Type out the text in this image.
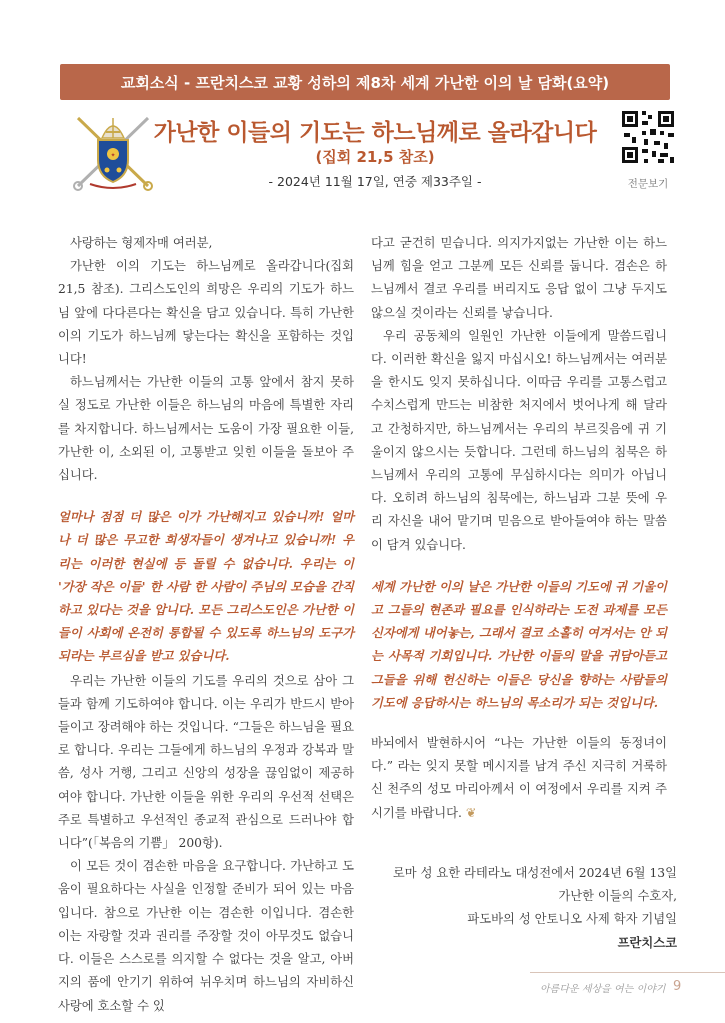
교회소식 - 프란치스코 교황 성하의 제8차 세계 가난한 이의 날 담화(요약)
✦
가난한 이들의 기도는 하느님께로 올라갑니다
(집회 21,5 참조)
- 2024년 11월 17일, 연중 제33주일 -	전문보기

사랑하는 형제자매 여러분,

가난한 이의 기도는 하느님께로 올라갑니다(집회 21,5 참조). 그리스도인의 희망은 우리의 기도가 하느님 앞에 다다른다는 확신을 담고 있습니다. 특히 가난한 이의 기도가 하느님께 닿는다는 확신을 포함하는 것입니다!

하느님께서는 가난한 이들의 고통 앞에서 참지 못하실 정도로 가난한 이들은 하느님의 마음에 특별한 자리를 차지합니다. 하느님께서는 도움이 가장 필요한 이들, 가난한 이, 소외된 이, 고통받고 잊힌 이들을 돌보아 주십니다.

얼마나 점점 더 많은 이가 가난해지고 있습니까! 얼마나 더 많은 무고한 희생자들이 생겨나고 있습니까! 우리는 이러한 현실에 등 돌릴 수 없습니다. 우리는 이 '가장 작은 이들' 한 사람 한 사람이 주님의 모습을 간직하고 있다는 것을 압니다. 모든 그리스도인은 가난한 이들이 사회에 온전히 통합될 수 있도록 하느님의 도구가 되라는 부르심을 받고 있습니다.

우리는 가난한 이들의 기도를 우리의 것으로 삼아 그들과 함께 기도하여야 합니다. 이는 우리가 반드시 받아들이고 장려해야 하는 것입니다. “그들은 하느님을 필요로 합니다. 우리는 그들에게 하느님의 우정과 강복과 말씀, 성사 거행, 그리고 신앙의 성장을 끊임없이 제공하여야 합니다. 가난한 이들을 위한 우리의 우선적 선택은 주로 특별하고 우선적인 종교적 관심으로 드러나야 합니다”(「복음의 기쁨」 200항).

이 모든 것이 겸손한 마음을 요구합니다. 가난하고 도움이 필요하다는 사실을 인정할 준비가 되어 있는 마음입니다. 참으로 가난한 이는 겸손한 이입니다. 겸손한 이는 자랑할 것과 권리를 주장할 것이 아무것도 없습니다. 이들은 스스로를 의지할 수 없다는 것을 알고, 아버지의 품에 안기기 위하여 뉘우치며 하느님의 자비하신 사랑에 호소할 수 있

다고 굳건히 믿습니다. 의지가지없는 가난한 이는 하느님께 힘을 얻고 그분께 모든 신뢰를 둡니다. 겸손은 하느님께서 결코 우리를 버리지도 응답 없이 그냥 두지도 않으실 것이라는 신뢰를 낳습니다.

우리 공동체의 일원인 가난한 이들에게 말씀드립니다. 이러한 확신을 잃지 마십시오! 하느님께서는 여러분을 한시도 잊지 못하십니다. 이따금 우리를 고통스럽고 수치스럽게 만드는 비참한 처지에서 벗어나게 해 달라고 간청하지만, 하느님께서는 우리의 부르짖음에 귀 기울이지 않으시는 듯합니다. 그런데 하느님의 침묵은 하느님께서 우리의 고통에 무심하시다는 의미가 아닙니다. 오히려 하느님의 침묵에는, 하느님과 그분 뜻에 우리 자신을 내어 맡기며 믿음으로 받아들여야 하는 말씀이 담겨 있습니다.

세계 가난한 이의 날은 가난한 이들의 기도에 귀 기울이고 그들의 현존과 필요를 인식하라는 도전 과제를 모든 신자에게 내어놓는, 그래서 결코 소홀히 여겨서는 안 되는 사목적 기회입니다. 가난한 이들의 말을 귀담아듣고 그들을 위해 헌신하는 이들은 당신을 향하는 사람들의 기도에 응답하시는 하느님의 목소리가 되는 것입니다.

바뇌에서 발현하시어 “나는 가난한 이들의 동정녀이다.” 라는 잊지 못할 메시지를 남겨 주신 지극히 거룩하신 천주의 성모 마리아께서 이 여정에서 우리를 지켜 주시기를 바랍니다. ❦

로마 성 요한 라테라노 대성전에서 2024년 6월 13일
가난한 이들의 수호자,
파도바의 성 안토니오 사제 학자 기념일
프란치스코
아름다운 세상을 여는 이야기 9
